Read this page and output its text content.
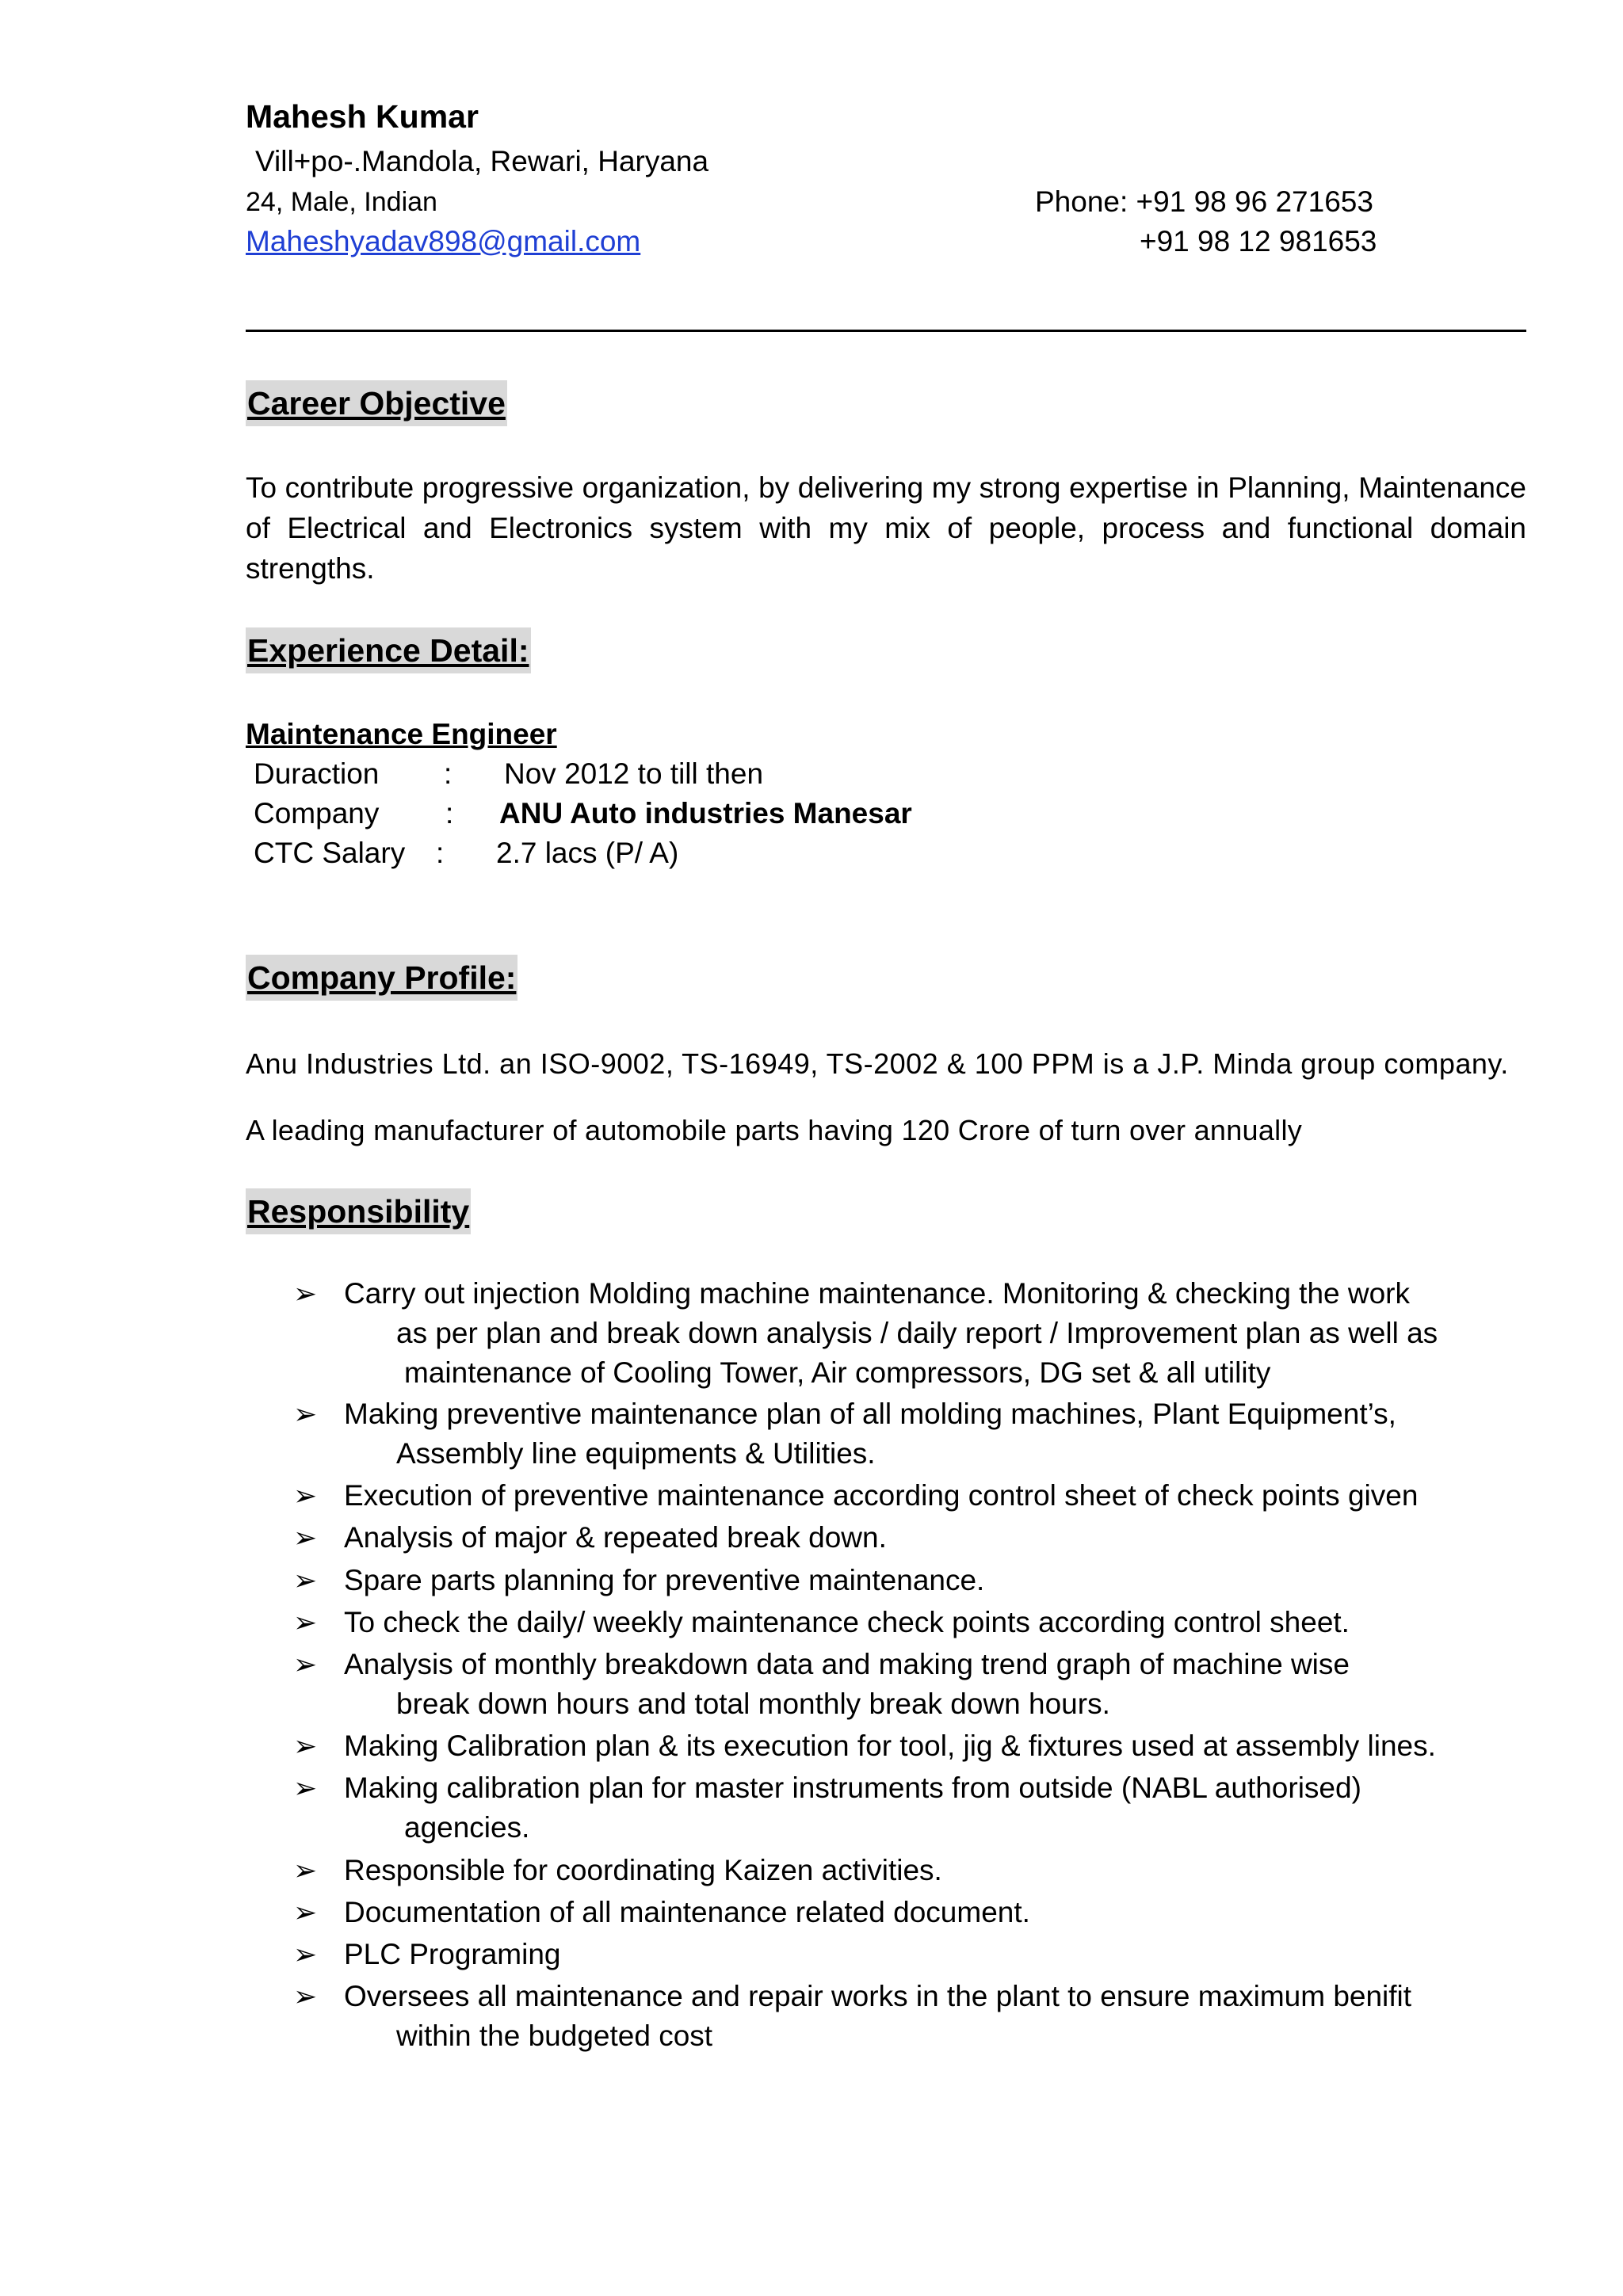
Mahesh Kumar
Vill+po-.Mandola, Rewari, Haryana
24, Male, Indian
Maheshyadav898@gmail.com
Phone: +91 98 96 271653
+91 98 12 981653
Career Objective
To contribute progressive organization, by delivering my strong expertise in Planning, Maintenance of Electrical and Electronics system with my mix of people, process and functional domain strengths.
Experience Detail:
Maintenance Engineer
Duraction : Nov 2012 to till then
Company : ANU Auto industries Manesar
CTC Salary : 2.7 lacs (P/ A)
Company Profile:
Anu Industries Ltd. an ISO-9002, TS-16949, TS-2002 & 100 PPM is a J.P. Minda group company.
A leading manufacturer of automobile parts having 120 Crore of turn over annually
Responsibility
➢ Carry out injection Molding machine maintenance. Monitoring & checking the work
as per plan and break down analysis / daily report / Improvement plan as well as
maintenance of Cooling Tower, Air compressors, DG set & all utility
➢ Making preventive maintenance plan of all molding machines, Plant Equipment’s,
Assembly line equipments & Utilities.
➢ Execution of preventive maintenance according control sheet of check points given
➢ Analysis of major & repeated break down.
➢ Spare parts planning for preventive maintenance.
➢ To check the daily/ weekly maintenance check points according control sheet.
➢ Analysis of monthly breakdown data and making trend graph of machine wise
break down hours and total monthly break down hours.
➢ Making Calibration plan & its execution for tool, jig & fixtures used at assembly lines.
➢ Making calibration plan for master instruments from outside (NABL authorised)
agencies.
➢ Responsible for coordinating Kaizen activities.
➢ Documentation of all maintenance related document.
➢ PLC Programing
➢ Oversees all maintenance and repair works in the plant to ensure maximum benifit
within the budgeted cost
